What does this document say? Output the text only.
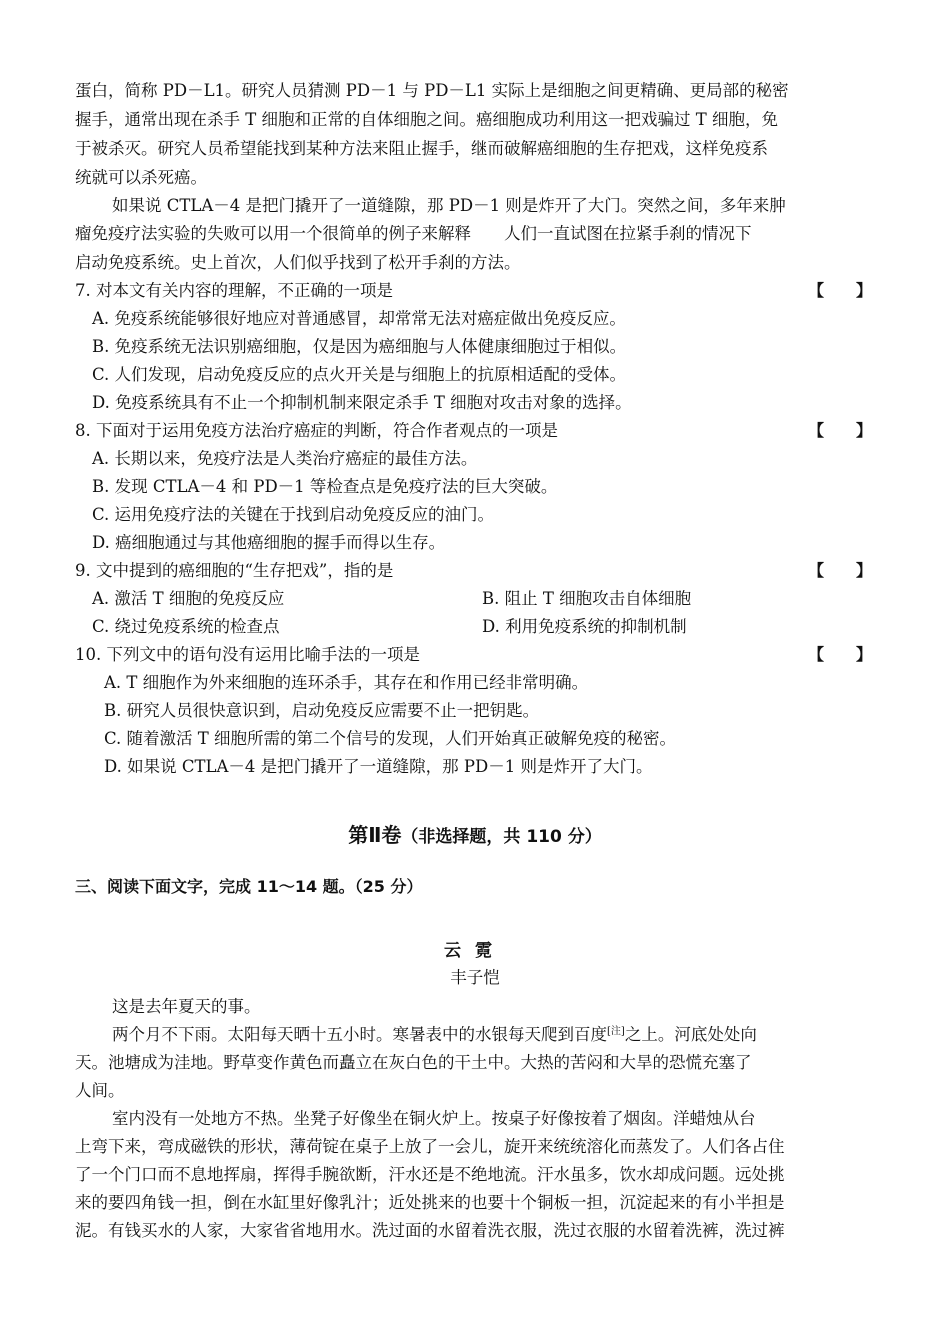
蛋白，简称 PD－L1。研究人员猜测 PD－1 与 PD－L1 实际上是细胞之间更精确、更局部的秘密
握手，通常出现在杀手 T 细胞和正常的自体细胞之间。癌细胞成功利用这一把戏骗过 T 细胞，免
于被杀灭。研究人员希望能找到某种方法来阻止握手，继而破解癌细胞的生存把戏，这样免疫系
统就可以杀死癌。
如果说 CTLA－4 是把门撬开了一道缝隙，那 PD－1 则是炸开了大门。突然之间，多年来肿
瘤免疫疗法实验的失败可以用一个很简单的例子来解释　　人们一直试图在拉紧手刹的情况下
启动免疫系统。史上首次，人们似乎找到了松开手刹的方法。
7. 对本文有关内容的理解，不正确的一项是	【 】
A. 免疫系统能够很好地应对普通感冒，却常常无法对癌症做出免疫反应。
B. 免疫系统无法识别癌细胞，仅是因为癌细胞与人体健康细胞过于相似。
C. 人们发现，启动免疫反应的点火开关是与细胞上的抗原相适配的受体。
D. 免疫系统具有不止一个抑制机制来限定杀手 T 细胞对攻击对象的选择。
8. 下面对于运用免疫方法治疗癌症的判断，符合作者观点的一项是	【 】
A. 长期以来，免疫疗法是人类治疗癌症的最佳方法。
B. 发现 CTLA－4 和 PD－1 等检查点是免疫疗法的巨大突破。
C. 运用免疫疗法的关键在于找到启动免疫反应的油门。
D. 癌细胞通过与其他癌细胞的握手而得以生存。
9. 文中提到的癌细胞的“生存把戏”，指的是	【 】
A. 激活 T 细胞的免疫反应	B. 阻止 T 细胞攻击自体细胞
C. 绕过免疫系统的检查点	D. 利用免疫系统的抑制机制
10. 下列文中的语句没有运用比喻手法的一项是	【 】
A. T 细胞作为外来细胞的连环杀手，其存在和作用已经非常明确。
B. 研究人员很快意识到，启动免疫反应需要不止一把钥匙。
C. 随着激活 T 细胞所需的第二个信号的发现，人们开始真正破解免疫的秘密。
D. 如果说 CTLA－4 是把门撬开了一道缝隙，那 PD－1 则是炸开了大门。
第Ⅱ卷（非选择题，共 110 分）
三、阅读下面文字，完成 11～14 题。（25 分）
云霓
丰子恺
这是去年夏天的事。
两个月不下雨。太阳每天晒十五小时。寒暑表中的水银每天爬到百度[注]之上。河底处处向
天。池塘成为洼地。野草变作黄色而矗立在灰白色的干土中。大热的苦闷和大旱的恐慌充塞了
人间。
室内没有一处地方不热。坐凳子好像坐在铜火炉上。按桌子好像按着了烟囱。洋蜡烛从台
上弯下来，弯成磁铁的形状，薄荷锭在桌子上放了一会儿，旋开来统统溶化而蒸发了。人们各占住
了一个门口而不息地挥扇，挥得手腕欲断，汗水还是不绝地流。汗水虽多，饮水却成问题。远处挑
来的要四角钱一担，倒在水缸里好像乳汁；近处挑来的也要十个铜板一担，沉淀起来的有小半担是
泥。有钱买水的人家，大家省省地用水。洗过面的水留着洗衣服，洗过衣服的水留着洗裤，洗过裤
